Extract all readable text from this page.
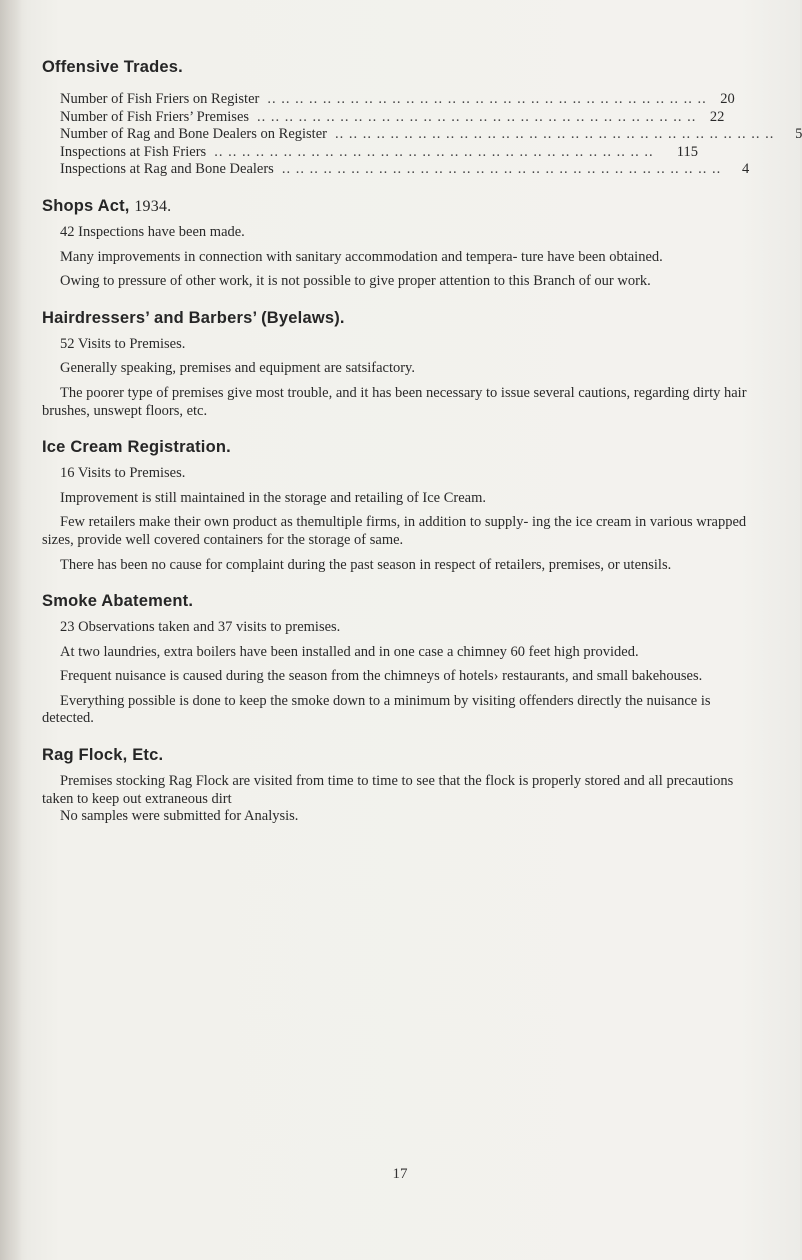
Offensive Trades.
Number of Fish Friers on Register .. .. .. .. .. .. .. .. .. .. .. .. .. .. .. .. .. .. .. .. .. .. .. .. .. .. .. .. .. .. .. .. 20
Number of Fish Friers’ Premises .. .. .. .. .. .. .. .. .. .. .. .. .. .. .. .. .. .. .. .. .. .. .. .. .. .. .. .. .. .. .. .. 22
Number of Rag and Bone Dealers on Register .. .. .. .. .. .. .. .. .. .. .. .. .. .. .. .. .. .. .. .. .. .. .. .. .. .. .. .. .. .. .. ..	5
Inspections at Fish Friers .. .. .. .. .. .. .. .. .. .. .. .. .. .. .. .. .. .. .. .. .. .. .. .. .. .. .. .. .. .. .. ..	115
Inspections at Rag and Bone Dealers .. .. .. .. .. .. .. .. .. .. .. .. .. .. .. .. .. .. .. .. .. .. .. .. .. .. .. .. .. .. .. ..	4
Shops Act, 1934.

42 Inspections have been made.

Many improvements in connection with sanitary accommodation and tempera- ture have been obtained.

Owing to pressure of other work, it is not possible to give proper attention to this Branch of our work.

Hairdressers’ and Barbers’ (Byelaws).

52 Visits to Premises.

Generally speaking, premises and equipment are satsifactory.

The poorer type of premises give most trouble, and it has been necessary to issue several cautions, regarding dirty hair brushes, unswept floors, etc.

Ice Cream Registration.

16 Visits to Premises.

Improvement is still maintained in the storage and retailing of Ice Cream.

Few retailers make their own product as themultiple firms, in addition to supply- ing the ice cream in various wrapped sizes, provide well covered containers for the storage of same.

There has been no cause for complaint during the past season in respect of retailers, premises, or utensils.

Smoke Abatement.

23 Observations taken and 37 visits to premises.

At two laundries, extra boilers have been installed and in one case a chimney 60 feet high provided.

Frequent nuisance is caused during the season from the chimneys of hotels› restaurants, and small bakehouses.

Everything possible is done to keep the smoke down to a minimum by visiting offenders directly the nuisance is detected.

Rag Flock, Etc.

Premises stocking Rag Flock are visited from time to time to see that the flock is properly stored and all precautions taken to keep out extraneous dirt

No samples were submitted for Analysis.

17
